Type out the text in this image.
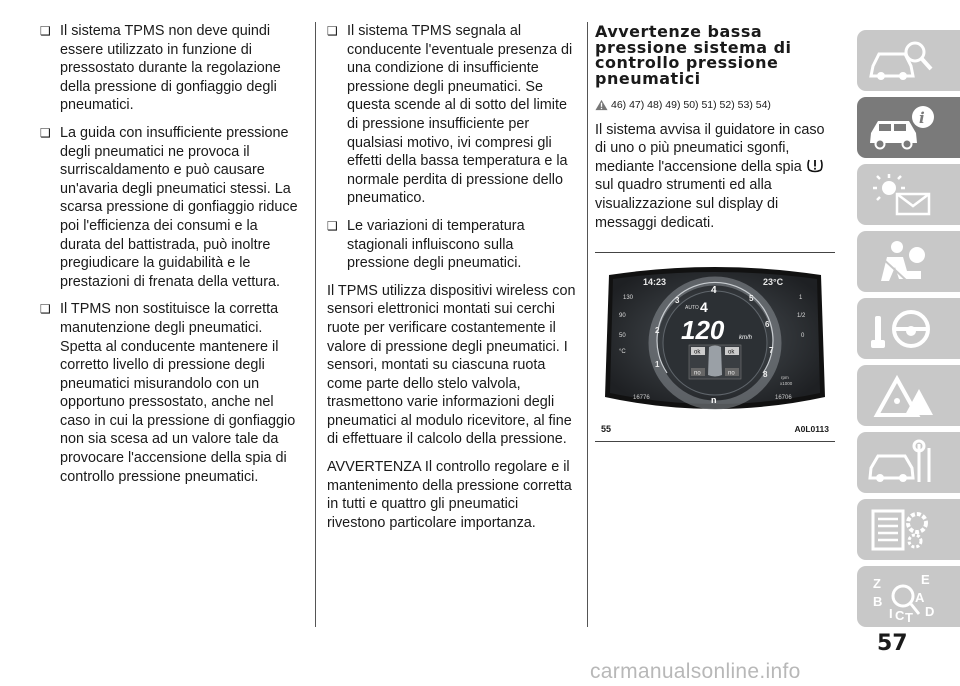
❑ Il sistema TPMS non deve quindi essere utilizzato in funzione di pressostato durante la regolazione della pressione di gonfiaggio degli pneumatici.

❑ La guida con insufficiente pressione degli pneumatici ne provoca il surriscaldamento e può causare un'avaria degli pneumatici stessi. La scarsa pressione di gonfiaggio riduce poi l'efficienza dei consumi e la durata del battistrada, può inoltre pregiudicare la guidabilità e le prestazioni di frenata della vettura.

❑ Il TPMS non sostituisce la corretta manutenzione degli pneumatici. Spetta al conducente mantenere il corretto livello di pressione degli pneumatici misurandolo con un opportuno pressostato, anche nel caso in cui la pressione di gonfiaggio non sia scesa ad un valore tale da provocare l'accensione della spia di controllo pressione pneumatici.

❑ Il sistema TPMS segnala al conducente l'eventuale presenza di una condizione di insufficiente pressione degli pneumatici. Se questa scende al di sotto del limite di pressione insufficiente per qualsiasi motivo, ivi compresi gli effetti della bassa temperatura e la normale perdita di pressione dello pneumatico.

❑ Le variazioni di temperatura stagionali influiscono sulla pressione degli pneumatici.

Il TPMS utilizza dispositivi wireless con sensori elettronici montati sui cerchi ruote per verificare costantemente il valore di pressione degli pneumatici. I sensori, montati su ciascuna ruota come parte dello stelo valvola, trasmettono varie informazioni degli pneumatici al modulo ricevitore, al fine di effettuare il calcolo della pressione.

AVVERTENZA Il controllo regolare e il mantenimento della pressione corretta in tutti e quattro gli pneumatici rivestono particolare importanza.

Avvertenze bassa pressione sistema di controllo pressione pneumatici
46) 47) 48) 49) 50) 51) 52) 53) 54)

Il sistema avvisa il guidatore in caso di uno o più pneumatici sgonfi, mediante l'accensione della spia  sul quadro strumenti ed alla visualizzazione sul display di messaggi dedicati.

14:23	23°C
130
90
50
°C
1
1/2
0
1
2
3
4
5
6
7
8
AUTO 4
120 km/h
ok	ok
no	no
16776	16706
n
rpm
x1000
55	A0L0113
i
Z	E
B	A
I C T D
57
carmanualsonline.info
